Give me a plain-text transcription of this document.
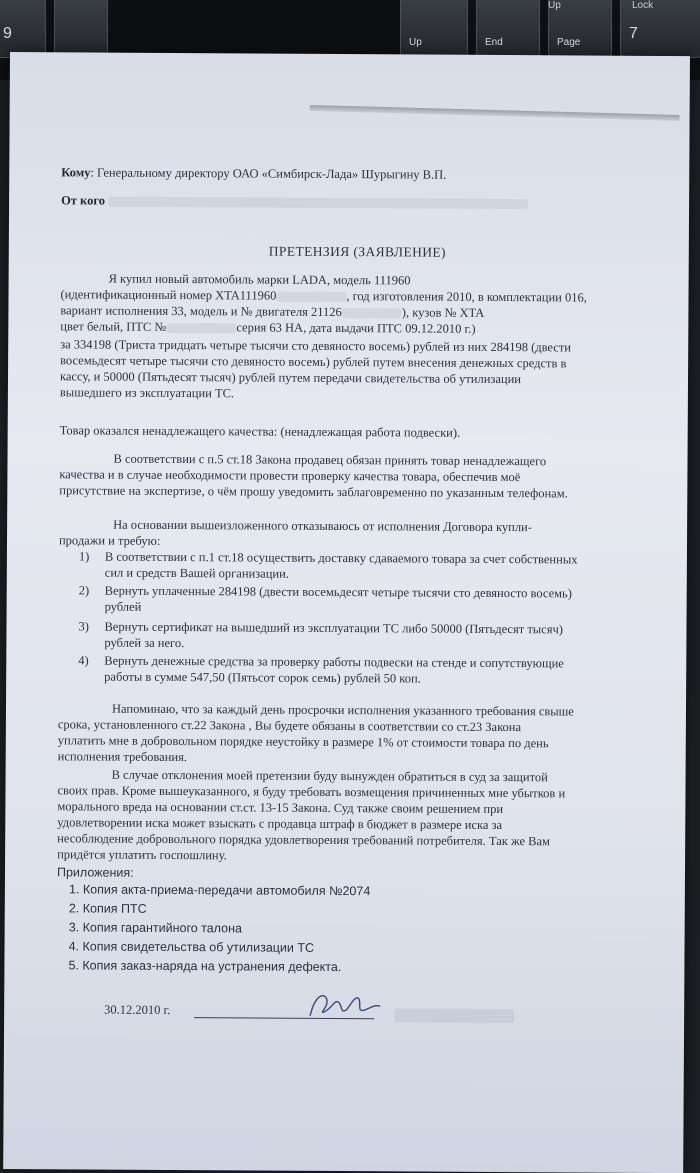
9
Up	End	Page
7
Up	Lock
Кому: Генеральному директору ОАО «Симбирск-Лада» Шурыгину В.П.
От кого
ПРЕТЕНЗИЯ (ЗАЯВЛЕНИЕ)
Я купил новый автомобиль марки LADA, модель 111960
(идентификационный номер XTA111960	, год изготовления 2010, в комплектации 016,
вариант исполнения 33, модель и № двигателя 21126	), кузов № XTA
цвет белый, ПТС №	серия 63 НА, дата выдачи ПТС 09.12.2010 г.)
за 334198 (Триста тридцать четыре тысячи сто девяносто восемь) рублей из них 284198 (двести
восемьдесят четыре тысячи сто девяносто восемь) рублей путем внесения денежных средств в
кассу, и 50000 (Пятьдесят тысяч) рублей путем передачи свидетельства об утилизации
вышедшего из эксплуатации ТС.
Товар оказался ненадлежащего качества: (ненадлежащая работа подвески).
В соответствии с п.5 ст.18 Закона продавец обязан принять товар ненадлежащего
качества и в случае необходимости провести проверку качества товара, обеспечив моё
присутствие на экспертизе, о чём прошу уведомить заблаговременно по указанным телефонам.
На основании вышеизложенного отказываюсь от исполнения Договора купли-
продажи и требую:
1) В соответствии с п.1 ст.18 осуществить доставку сдаваемого товара за счет собственных
сил и средств Вашей организации.
2) Вернуть уплаченные 284198 (двести восемьдесят четыре тысячи сто девяносто восемь)
рублей
3) Вернуть сертификат на вышедший из эксплуатации ТС либо 50000 (Пятьдесят тысяч)
рублей за него.
4) Вернуть денежные средства за проверку работы подвески на стенде и сопутствующие
работы в сумме 547,50 (Пятьсот сорок семь) рублей 50 коп.
Напоминаю, что за каждый день просрочки исполнения указанного требования свыше
срока, установленного ст.22 Закона , Вы будете обязаны в соответствии со ст.23 Закона
уплатить мне в добровольном порядке неустойку в размере 1% от стоимости товара по день
исполнения требования.
В случае отклонения моей претензии буду вынужден обратиться в суд за защитой
своих прав. Кроме вышеуказанного, я буду требовать возмещения причиненных мне убытков и
морального вреда на основании ст.ст. 13-15 Закона. Суд также своим решением при
удовлетворении иска может взыскать с продавца штраф в бюджет в размере иска за
несоблюдение добровольного порядка удовлетворения требований потребителя. Так же Вам
придётся уплатить госпошлину.
Приложения:
1. Копия акта-приема-передачи автомобиля №2074
2. Копия ПТС
3. Копия гарантийного талона
4. Копия свидетельства об утилизации ТС
5. Копия заказ-наряда на устранения дефекта.
30.12.2010 г.
